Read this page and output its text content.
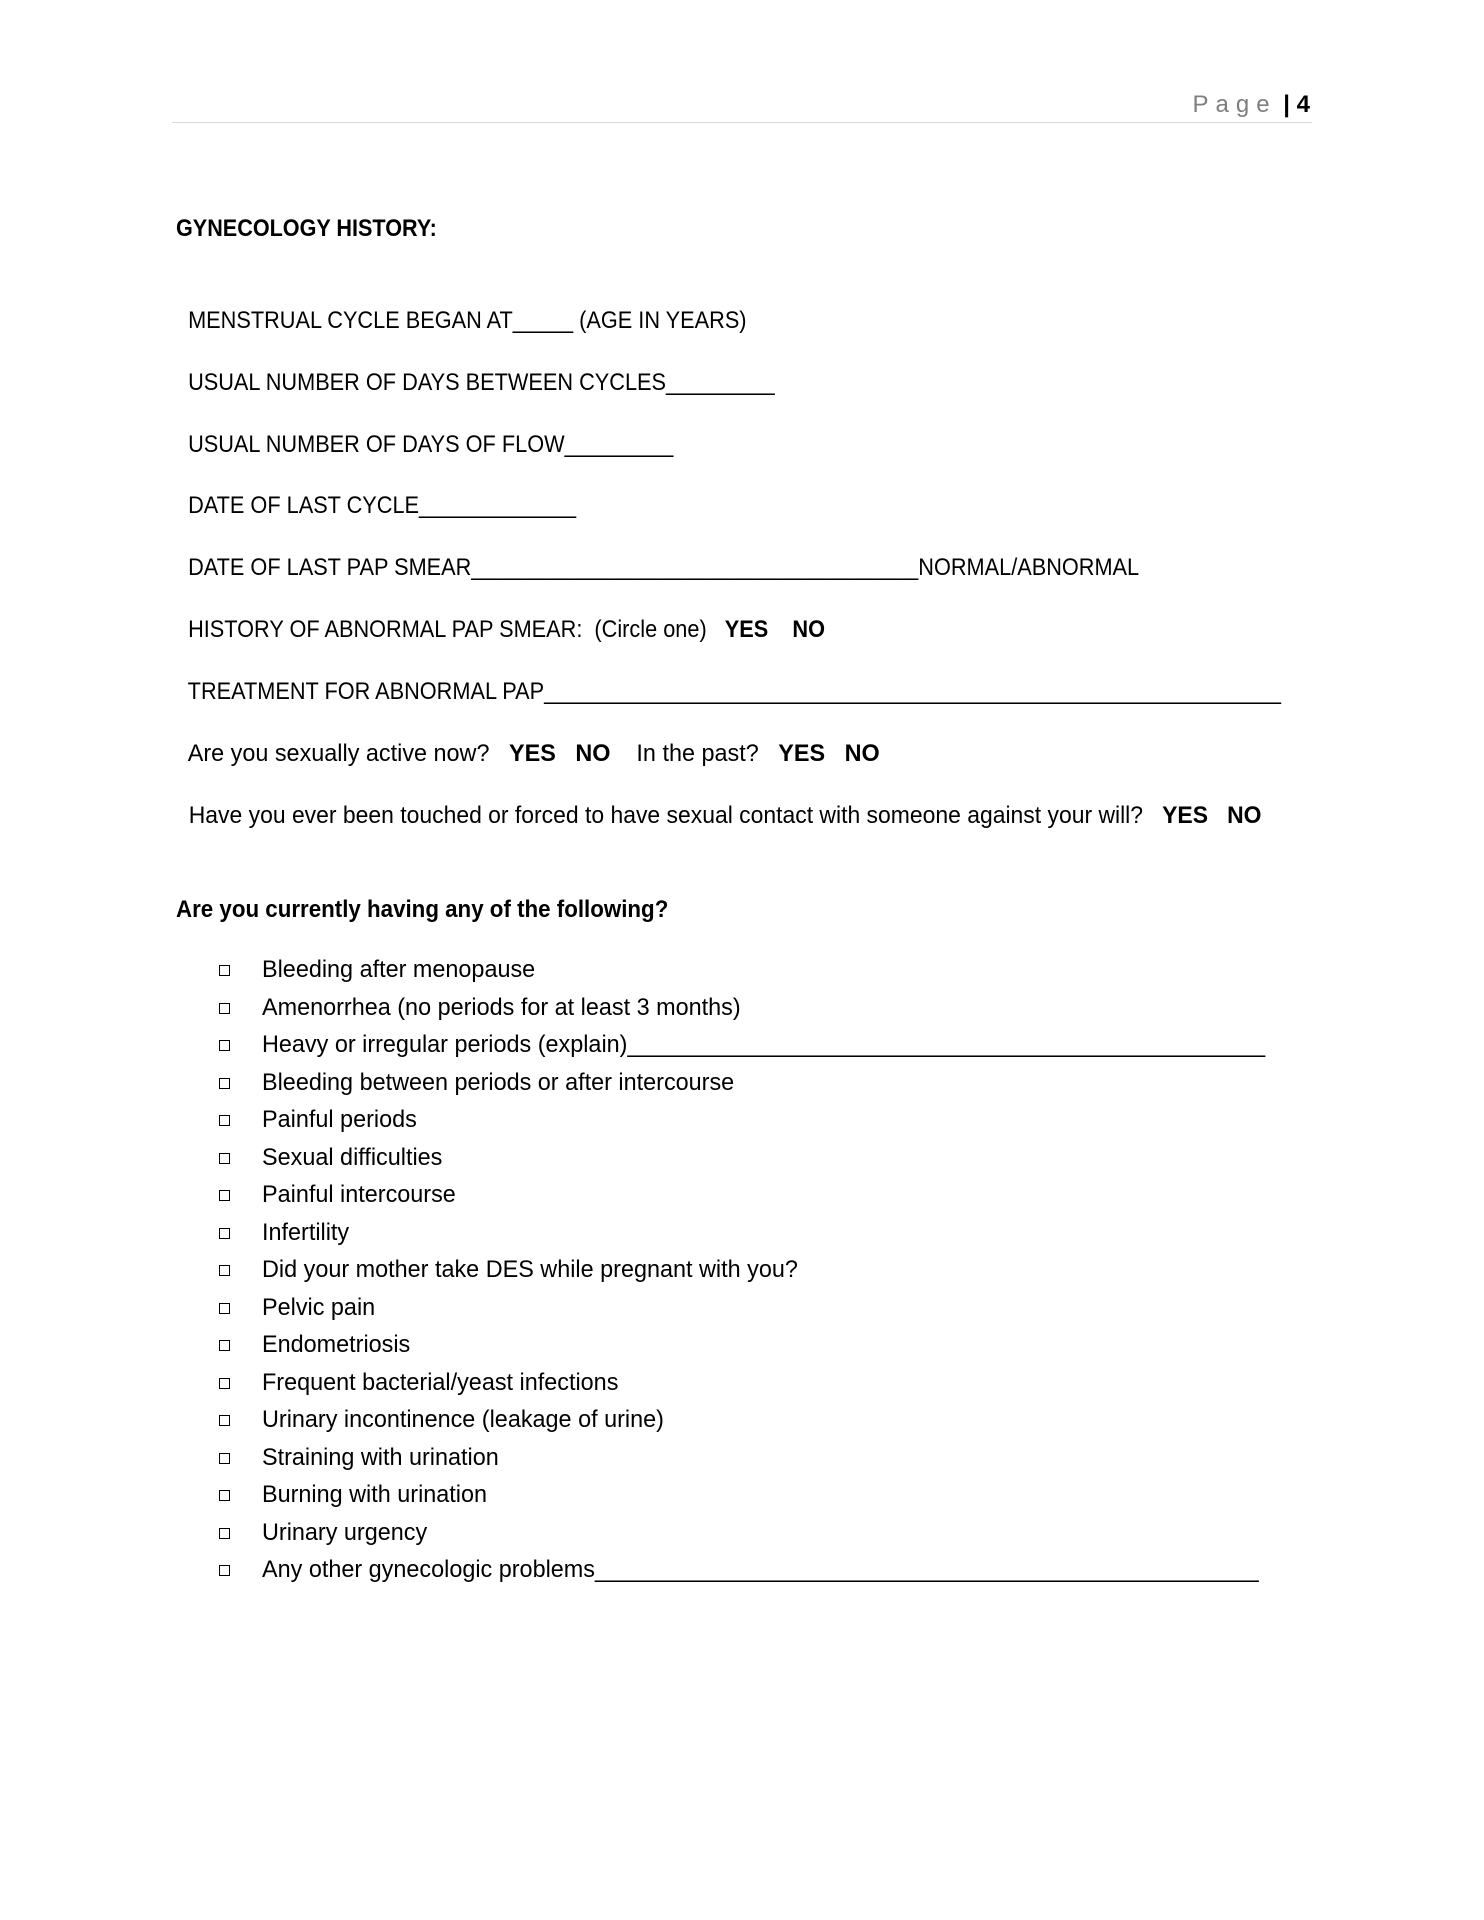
Page | 4
GYNECOLOGY HISTORY:

MENSTRUAL CYCLE BEGAN AT_____ (AGE IN YEARS)

USUAL NUMBER OF DAYS BETWEEN CYCLES_________

USUAL NUMBER OF DAYS OF FLOW_________

DATE OF LAST CYCLE_____________

DATE OF LAST PAP SMEAR_____________________________________NORMAL/ABNORMAL

HISTORY OF ABNORMAL PAP SMEAR:  (Circle one)   YES NO

TREATMENT FOR ABNORMAL PAP_____________________________________________________________

Are you sexually active now?   YES NO    In the past?   YES NO

Have you ever been touched or forced to have sexual contact with someone against your will?   YES NO

Are you currently having any of the following?
Bleeding after menopause
Amenorrhea (no periods for at least 3 months)
Heavy or irregular periods (explain)_________________________________________________
Bleeding between periods or after intercourse
Painful periods
Sexual difficulties
Painful intercourse
Infertility
Did your mother take DES while pregnant with you?
Pelvic pain
Endometriosis
Frequent bacterial/yeast infections
Urinary incontinence (leakage of urine)
Straining with urination
Burning with urination
Urinary urgency
Any other gynecologic problems___________________________________________________
